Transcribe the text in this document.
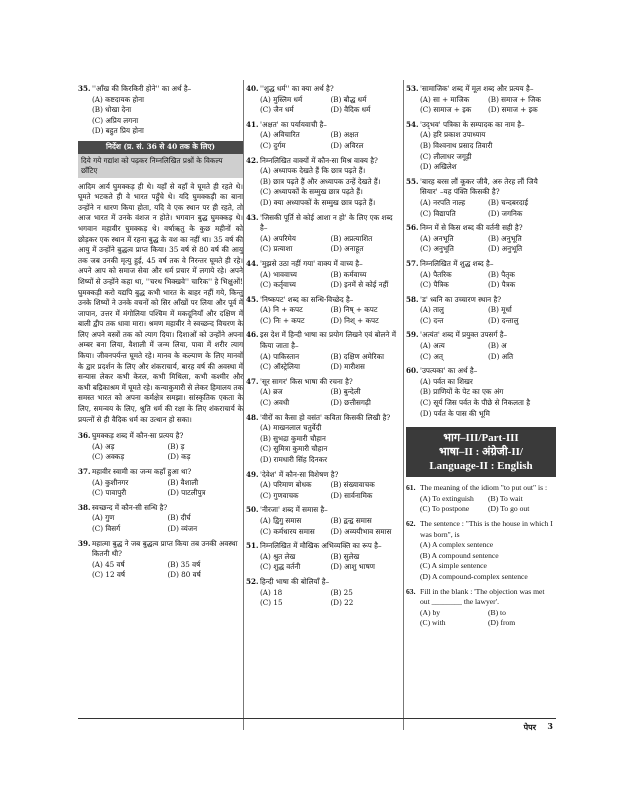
35. ''आँख की किरकिरी होने'' का अर्थ है–
(A) कष्टदायक होना
(B) धोखा देना
(C) अप्रिय लगना
(D) बहुत प्रिय होना
निर्देश (प्र. सं. 36 से 40 तक के लिए)
दिये गये गद्यांश को पढ़कर निम्नलिखित प्रश्नों के विकल्प छाँटिए
आदिम आर्य घुमक्कड़ ही थे। यहाँ से वहाँ वे घूमते ही रहते थे। घूमते भटकते ही वे भारत पहुँचे थे। यदि घुमक्कड़ी का बाना उन्होंने न धारण किया होता, यदि वे एक स्थान पर ही रहते, तो आज भारत में उनके वंशज न होते। भगवान बुद्ध घुमक्कड़ थे। भगवान महावीर घुमक्कड़ थे। वर्षाऋतु के कुछ महीनों को छोड़कर एक स्थान में रहना बुद्ध के वश का नहीं था। 35 वर्ष की आयु में उन्होंने बुद्धत्व प्राप्त किया। 35 वर्ष से 80 वर्ष की आयु तक जब उनकी मृत्यु हुई, 45 वर्ष तक वे निरन्तर घूमते ही रहे। अपने आप को समाज सेवा और धर्म प्रचार में लगाये रहे। अपने शिष्यों से उन्होंने कहा था, ''चरथ भिक्खवे'' चारिक'' हे भिक्षुओं! घुमक्कड़ी करो यद्यपि बुद्ध कभी भारत के बाहर नहीं गये, किन्तु उनके शिष्यों ने उनके वचनों को सिर आँखों पर लिया और पूर्व में जापान, उत्तर में मंगोलिया पश्चिम में मकदूनियाँ और दक्षिण में बाली द्वीप तक धावा मारा। श्रमण महावीर ने स्वच्छन्द विचरण के लिए अपने वस्त्रों तक को त्याग दिया। दिशाओं को उन्होंने अपना अम्बर बना लिया, वैशाली में जन्म लिया, पावा में शरीर त्याग किया। जीवनपर्यन्त घूमते रहे। मानव के कल्याण के लिए मानवों के द्वार प्रदर्शन के लिए और शंकराचार्य, बारह वर्ष की अवस्था में सन्यास लेकर कभी केरल, कभी मिथिला, कभी कश्मीर और कभी बद्रिकाश्रम में घूमते रहे। कन्याकुमारी से लेकर हिमालय तक समस्त भारत को अपना कर्मक्षेत्र समझा। सांस्कृतिक एकता के लिए, समन्वय के लिए, श्रुति धर्म की रक्षा के लिए शंकराचार्य के प्रयत्नों से ही वैदिक धर्म का उत्थान हो सका।
36. घुमक्कड़ शब्द में कौन-सा प्रत्यय है?
(A) अड़	(B) ड़
(C) अक्कड़	(D) कड़
37. महावीर स्वामी का जन्म कहाँ हुआ था?
(A) कुशीनगर	(B) वैशाली
(C) पावापुरी	(D) पाटलीपुत्र
38. स्वच्छन्द में कौन-सी सन्धि है?
(A) गुण	(B) दीर्घ
(C) विसर्ग	(D) व्यंजन
39. महात्मा बुद्ध ने जब बुद्धत्व प्राप्त किया तब उनकी अवस्था कितनी थी?
(A) 45 वर्ष	(B) 35 वर्ष
(C) 12 वर्ष	(D) 80 वर्ष
40. ''शुद्ध धर्म'' का क्या अर्थ है?
(A) मुस्लिम धर्म	(B) बौद्ध धर्म
(C) जैन धर्म	(D) वैदिक धर्म
41. 'अक्षत' का पर्यायवाची है–
(A) अविचारित	(B) अक्षत
(C) दुर्गम	(D) अविरल
42. निम्नलिखित वाक्यों में कौन-सा मिश्र वाक्य है?
(A) अध्यापक देखते हैं कि छात्र पढ़ते हैं।
(B) छात्र पढ़ते हैं और अध्यापक उन्हें देखते हैं।
(C) अध्यापकों के सम्मुख छात्र पढ़ते हैं।
(D) क्या अध्यापकों के सम्मुख छात्र पढ़ते हैं।
43. 'जिसकी पूर्ति से कोई आशा न हो' के लिए एक शब्द है–
(A) अपरिमेय	(B) अप्रत्याशित
(C) प्रत्याशा	(D) अनाहूत
44. 'मुझसे उठा नहीं गया' वाक्य में वाच्य है–
(A) भाववाच्य	(B) कर्मवाच्य
(C) कर्तृवाच्य	(D) इनमें से कोई नहीं
45. 'निष्कपट' शब्द का सन्धि-विच्छेद है–
(A) नि + कपट	(B) निष् + कपट
(C) निः + कपट	(D) निश् + कपट
46. इस देश में हिन्दी भाषा का प्रयोग लिखने एवं बोलने में किया जाता है–
(A) पाकिस्तान	(B) दक्षिण अमेरिका
(C) ऑस्ट्रेलिया	(D) मारीशस
47. 'सूर सागर' किस भाषा की रचना है?
(A) ब्रज	(B) बुन्देली
(C) अवधी	(D) छत्तीसगढ़ी
48. 'वीरों का कैसा हो वसंत' कविता किसकी लिखी है?
(A) माखनलाल चतुर्वेदी
(B) सुभद्रा कुमारी चौहान
(C) सुमित्रा कुमारी चौहान
(D) रामधारी सिंह दिनकर
49. 'देवेश' में कौन-सा विशेषण है?
(A) परिमाण बोधक	(B) संख्यावाचक
(C) गुणवाचक	(D) सार्वनामिक
50. 'नीरजा' शब्द में समास है–
(A) द्विगु समास	(B) द्वन्द्व समास
(C) कर्मधारय समास	(D) अव्ययीभाव समास
51. निम्नलिखित में मौखिक अभिव्यक्ति का रूप है–
(A) श्रुत लेख	(B) सुलेख
(C) शुद्ध वर्तनी	(D) आशु भाषण
52. हिन्दी भाषा की बोलियाँ है–
(A) 18	(B) 25
(C) 15	(D) 22
53. 'सामाजिक' शब्द में मूल शब्द और प्रत्यय है–
(A) सा + माजिक	(B) समाज + जिक
(C) सामाज + इक	(D) समाज + इक
54. 'उद्‌भव' पत्रिका के सम्पादक का नाम है–
(A) हरि प्रकाश उपाध्याय
(B) विश्वनाथ प्रसाद तिवारी
(C) लीलाधर जगूड़ी
(D) अखिलेश
55. 'बारह बरस लौं कूकर जीवै, अरु तेरह लौं जियै सियार' –यह पंक्ति किसकी है?
(A) नरपति नाल्ह	(B) चन्दबरदाई
(C) विद्यापति	(D) जगनिक
56. निम्न में से किस शब्द की वर्तनी सही है?
(A) अनभूति	(B) अनुभूति
(C) अनुभूति	(D) अनुभूति
57. निम्नलिखित में शुद्ध शब्द है–
(A) पैतरिक	(B) पैतृक
(C) पैत्रिक	(D) पैत्रक
58. 'ड' ध्वनि का उच्चारण स्थान है?
(A) तालु	(B) मूर्धा
(C) दन्त	(D) दन्तालु
59. 'अत्यंत' शब्द में प्रयुक्त उपसर्ग है–
(A) अत्य	(B) अ
(C) अत्	(D) अति
60. 'उपत्यका' का अर्थ है–
(A) पर्वत का शिखर
(B) प्राणियों के पेट का एक अंग
(C) सूर्य जिस पर्वत के पीछे से निकलता है
(D) पर्वत के पास की भूमि
भाग–III/Part-III
भाषा–II : अंग्रेजी-II/
Language-II : English
61. The meaning of the idiom "to put out" is :
(A) To extinguish	(B) To wait
(C) To postpone	(D) To go out
62. The sentence : "This is the house in which I was born", is
(A) A complex sentence
(B) A compound sentence
(C) A simple sentence
(D) A compound-complex sentence
63. Fill in the blank : 'The objection was met out ________ the lawyer'.
(A) by	(B) to
(C) with	(D) from
पेपर 3
